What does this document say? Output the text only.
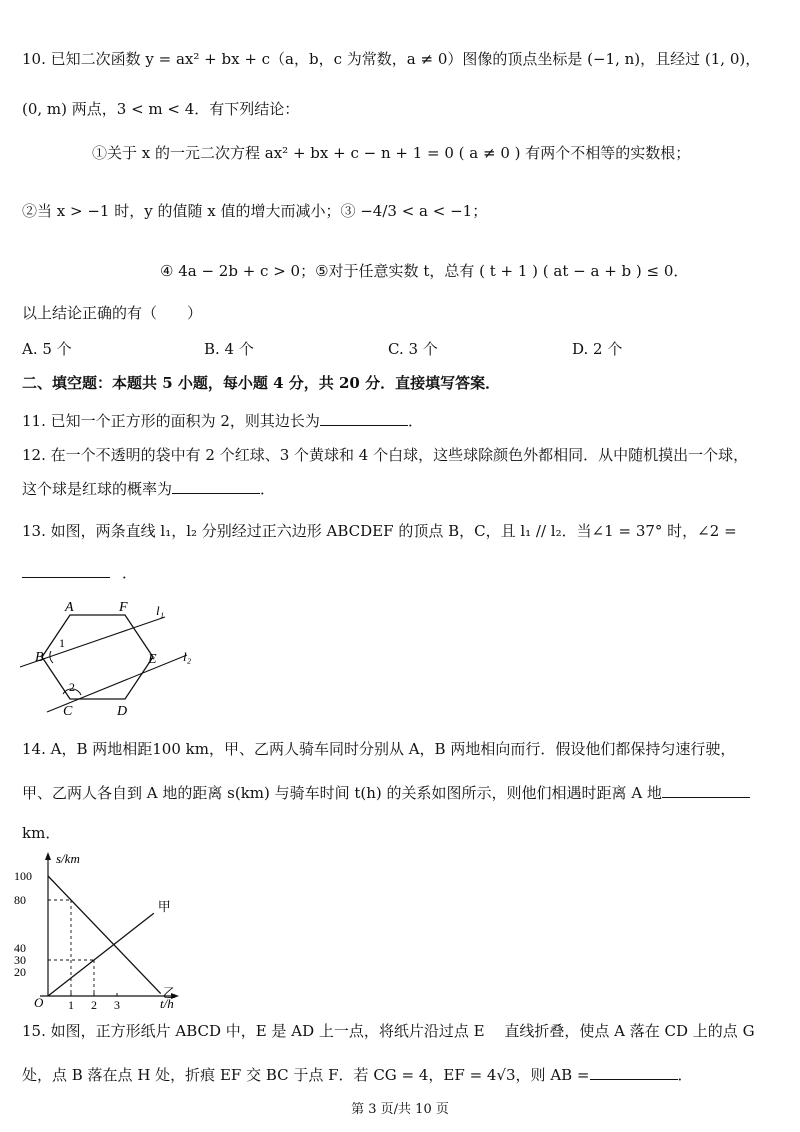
10. 已知二次函数 y = ax² + bx + c（a，b，c 为常数，a ≠ 0）图像的顶点坐标是 (−1, n)，且经过 (1, 0)，
(0, m) 两点，3 < m < 4．有下列结论：
①关于 x 的一元二次方程 ax² + bx + c − n + 1 = 0 ( a ≠ 0 ) 有两个不相等的实数根；
②当 x > −1 时，y 的值随 x 值的增大而减小；③ −4/3 < a < −1；
④ 4a − 2b + c > 0；⑤对于任意实数 t，总有 ( t + 1 ) ( at − a + b ) ≤ 0．
以上结论正确的有（　　）
A. 5 个	B. 4 个	C. 3 个	D. 2 个
二、填空题：本题共 5 小题，每小题 4 分，共 20 分．直接填写答案．
11. 已知一个正方形的面积为 2，则其边长为	．
12. 在一个不透明的袋中有 2 个红球、3 个黄球和 4 个白球，这些球除颜色外都相同．从中随机摸出一个球，
这个球是红球的概率为	．
13. 如图，两条直线 l₁，l₂ 分别经过正六边形 ABCDEF 的顶点 B，C，且 l₁ // l₂．当∠1 = 37° 时，∠2 =
．
A	F
B	E
C	D
l₁
l₂
1
2
14. A，B 两地相距100 km，甲、乙两人骑车同时分别从 A，B 两地相向而行．假设他们都保持匀速行驶，
甲、乙两人各自到 A 地的距离 s(km) 与骑车时间 t(h) 的关系如图所示，则他们相遇时距离 A 地
km．
s/km
t/h
O
20
30
40
80
100
1 2 3
甲
乙
15. 如图，正方形纸片 ABCD 中，E 是 AD 上一点，将纸片沿过点 E 　直线折叠，使点 A 落在 CD 上的点 G
处，点 B 落在点 H 处，折痕 EF 交 BC 于点 F．若 CG = 4，EF = 4√3，则 AB =	．
第 3 页/共 10 页
